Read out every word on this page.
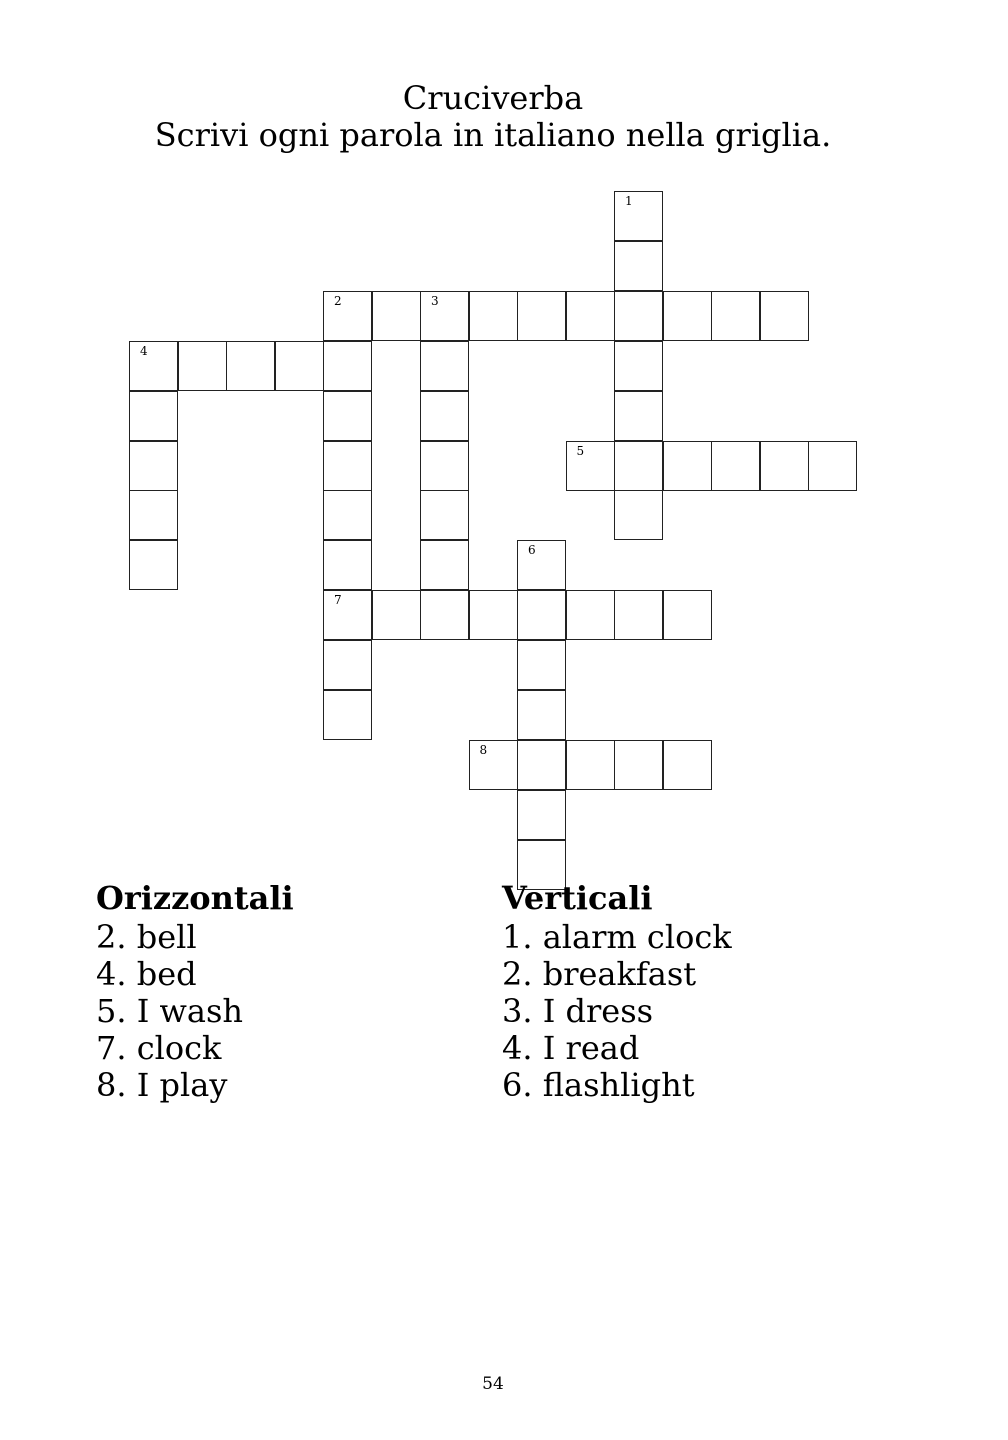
Cruciverba
Scrivi ogni parola in italiano nella griglia.
1
2	3
7
4
5
6
8
Orizzontali
2. bell
4. bed
5. I wash
7. clock
8. I play
Verticali
1. alarm clock
2. breakfast
3. I dress
4. I read
6. flashlight
54
